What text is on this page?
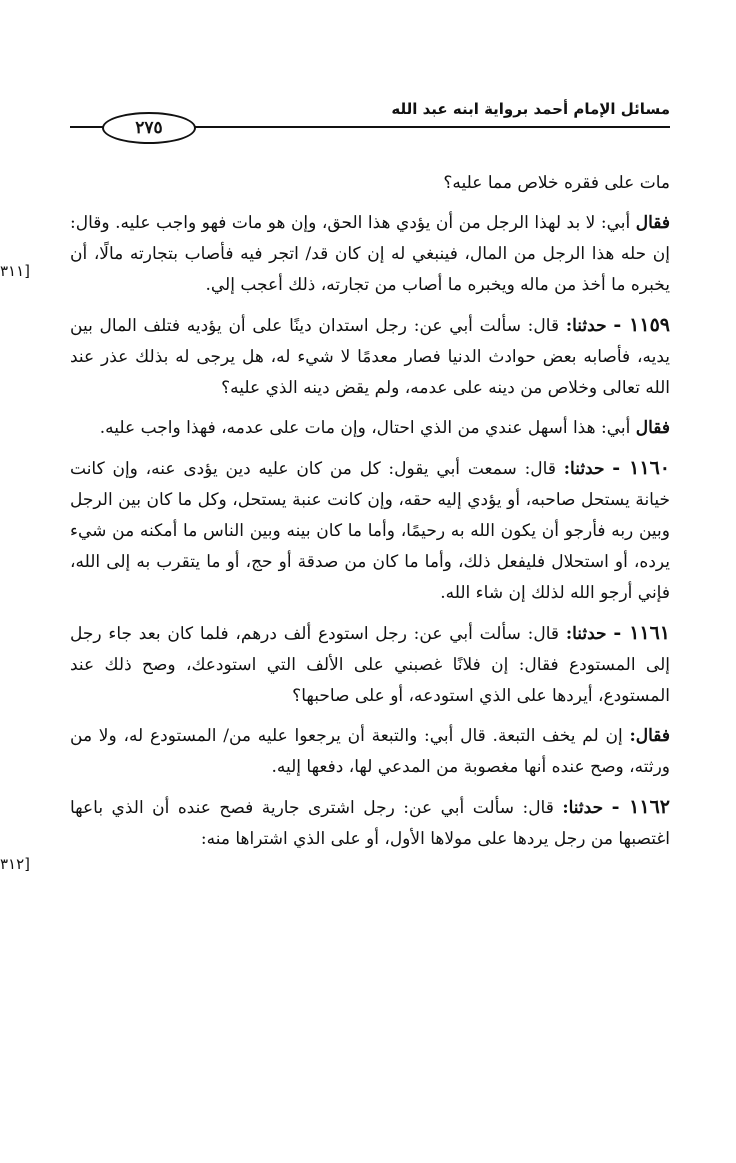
مسائل الإمام أحمد برواية ابنه عبد الله
٢٧٥
[٣١١
[٣١٢

مات على فقره خلاص مما عليه؟

فقال أبي: لا بد لهذا الرجل من أن يؤدي هذا الحق، وإن هو مات فهو واجب عليه. وقال: إن حله هذا الرجل من المال، فينبغي له إن كان قد/ اتجر فيه فأصاب بتجارته مالًا، أن يخبره ما أخذ من ماله ويخبره ما أصاب من تجارته، ذلك أعجب إلي.

١١٥٩ - حدثنا: قال: سألت أبي عن: رجل استدان دينًا على أن يؤديه فتلف المال بين يديه، فأصابه بعض حوادث الدنيا فصار معدمًا لا شيء له، هل يرجى له بذلك عذر عند الله تعالى وخلاص من دينه على عدمه، ولم يقض دينه الذي عليه؟

فقال أبي: هذا أسهل عندي من الذي احتال، وإن مات على عدمه، فهذا واجب عليه.

١١٦٠ - حدثنا: قال: سمعت أبي يقول: كل من كان عليه دين يؤدى عنه، وإن كانت خيانة يستحل صاحبه، أو يؤدي إليه حقه، وإن كانت عنبة يستحل، وكل ما كان بين الرجل وبين ربه فأرجو أن يكون الله به رحيمًا، وأما ما كان بينه وبين الناس ما أمكنه من شيء يرده، أو استحلال فليفعل ذلك، وأما ما كان من صدقة أو حج، أو ما يتقرب به إلى الله، فإني أرجو الله لذلك إن شاء الله.

١١٦١ - حدثنا: قال: سألت أبي عن: رجل استودع ألف درهم، فلما كان بعد جاء رجل إلى المستودع فقال: إن فلانًا غصبني على الألف التي استودعك، وصح ذلك عند المستودع، أيردها على الذي استودعه، أو على صاحبها؟

فقال: إن لم يخف التبعة. قال أبي: والتبعة أن يرجعوا عليه من/ المستودع له، ولا من ورثته، وصح عنده أنها مغصوبة من المدعي لها، دفعها إليه.

١١٦٢ - حدثنا: قال: سألت أبي عن: رجل اشترى جارية فصح عنده أن الذي باعها اغتصبها من رجل يردها على مولاها الأول، أو على الذي اشتراها منه:
